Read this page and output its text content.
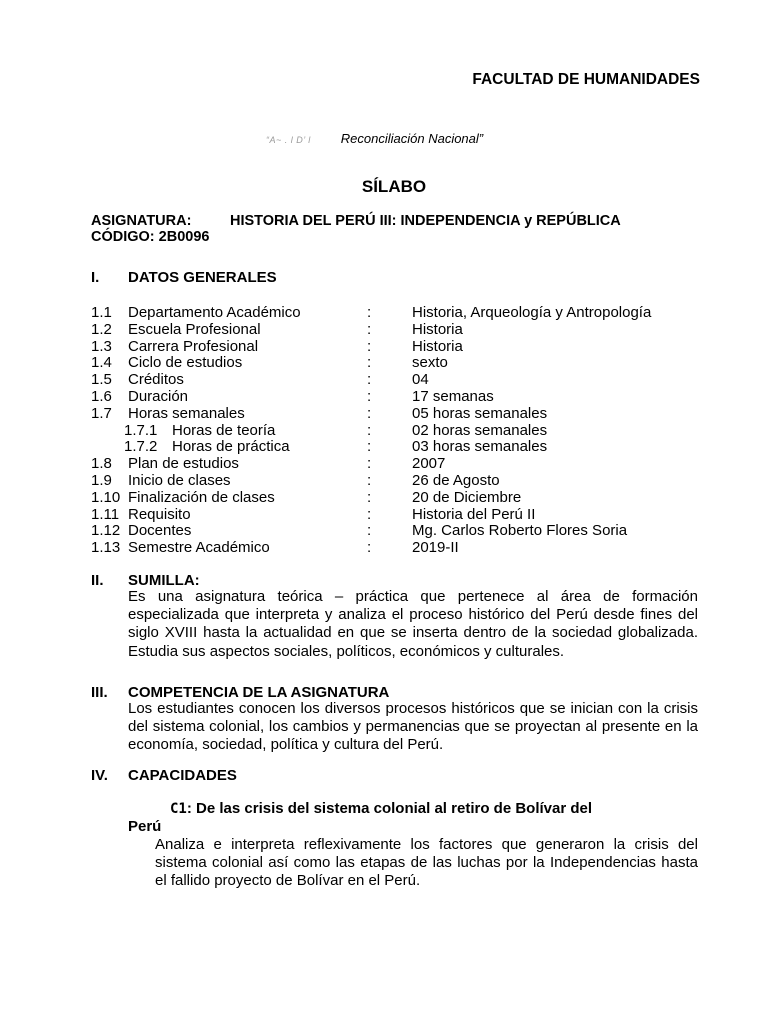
FACULTAD DE HUMANIDADES
“A~ . l D’ l Reconciliación Nacional”
SÍLABO
ASIGNATURA:	HISTORIA DEL PERÚ III: INDEPENDENCIA y REPÚBLICA
CÓDIGO: 2B0096
I. DATOS GENERALES
1.1 Departamento Académico	:	Historia, Arqueología y Antropología
1.2 Escuela Profesional	:	Historia
1.3 Carrera Profesional	:	Historia
1.4 Ciclo de estudios	:	sexto
1.5 Créditos	:	04
1.6 Duración	:	17 semanas
1.7 Horas semanales	:	05 horas semanales
1.7.1 Horas de teoría	:	02 horas semanales
1.7.2 Horas de práctica	:	03 horas semanales
1.8 Plan de estudios	:	2007
1.9 Inicio de clases	:	26 de Agosto
1.10 Finalización de clases	:	20 de Diciembre
1.11 Requisito	:	Historia del Perú II
1.12 Docentes	:	Mg. Carlos Roberto Flores Soria
1.13 Semestre Académico	:	2019-II
II. SUMILLA:
Es una asignatura teórica – práctica que pertenece al área de formación especializada que interpreta y analiza el proceso histórico del Perú desde fines del siglo XVIII hasta la actualidad en que se inserta dentro de la sociedad globalizada. Estudia sus aspectos sociales, políticos, económicos y culturales.
III. COMPETENCIA DE LA ASIGNATURA
Los estudiantes conocen los diversos procesos históricos que se inician con la crisis del sistema colonial, los cambios y permanencias que se proyectan al presente en la economía, sociedad, política y cultura del Perú.
IV. CAPACIDADES
C1: De las crisis del sistema colonial al retiro de Bolívar del
Perú
Analiza e interpreta reflexivamente los factores que generaron la crisis del sistema colonial así como las etapas de las luchas por la Independencias hasta el fallido proyecto de Bolívar en el Perú.
